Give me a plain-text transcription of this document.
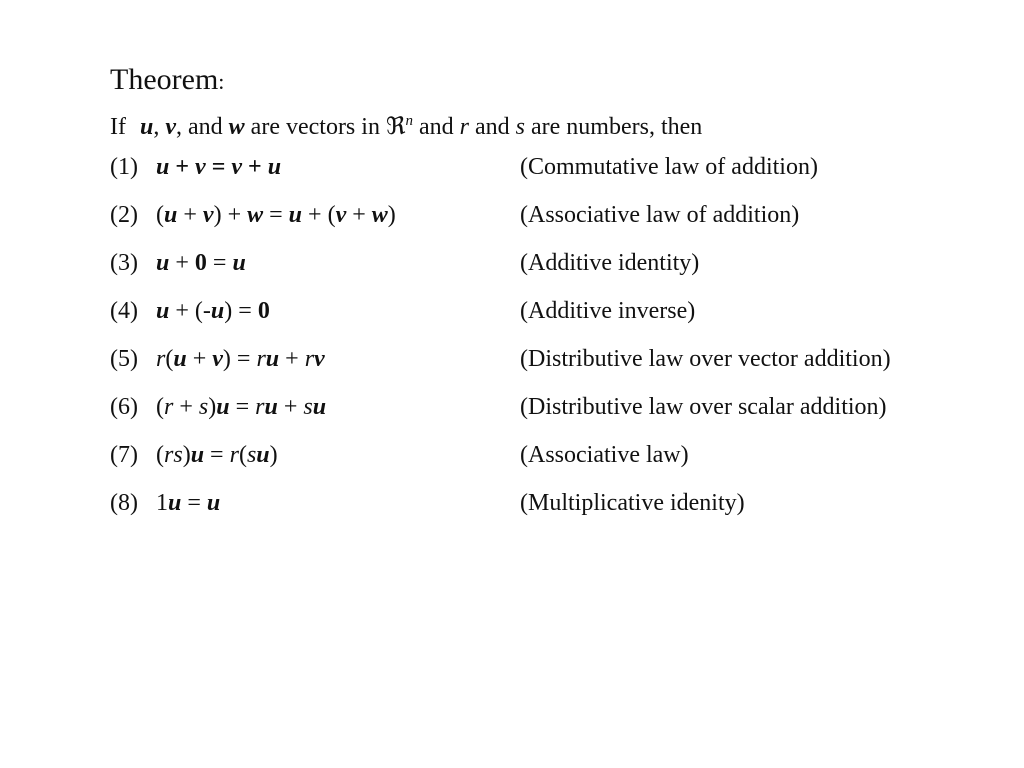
Theorem:
If u, v, and w are vectors in ℜ$^n$ and r and s are numbers, then
(1) u + v = v + u	(Commutative law of addition)
(2) (u + v) + w = u + (v + w)	(Associative law of addition)
(3) u + 0 = u	(Additive identity)
(4) u + (-u) = 0	(Additive inverse)
(5) r(u + v) = ru + rv	(Distributive law over vector addition)
(6) (r + s)u = ru + su	(Distributive law over scalar addition)
(7) (rs)u = r(su)	(Associative law)
(8) 1u = u	(Multiplicative idenity)
